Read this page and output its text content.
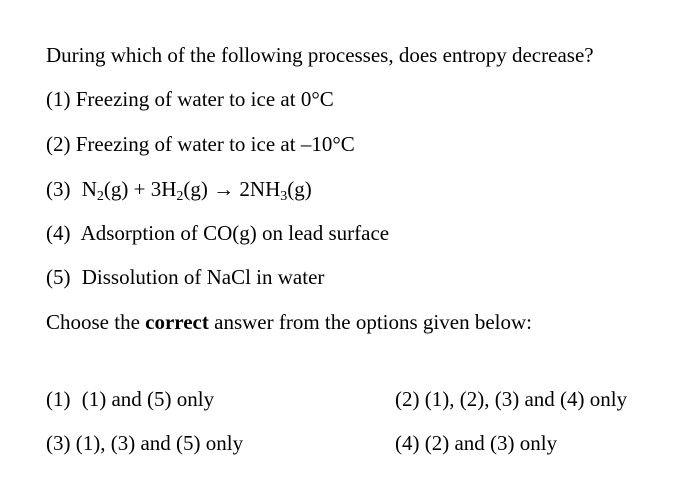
During which of the following processes, does entropy decrease?
(1) Freezing of water to ice at 0°C
(2) Freezing of water to ice at –10°C
(3) $N_2(g) + 3H_2(g) \to 2NH_3(g)$
(4) Adsorption of CO(g) on lead surface
(5) Dissolution of NaCl in water
Choose the correct answer from the options given below:
(1) (1) and (5) only	(2) (1), (2), (3) and (4) only
(3) (1), (3) and (5) only	(4) (2) and (3) only
